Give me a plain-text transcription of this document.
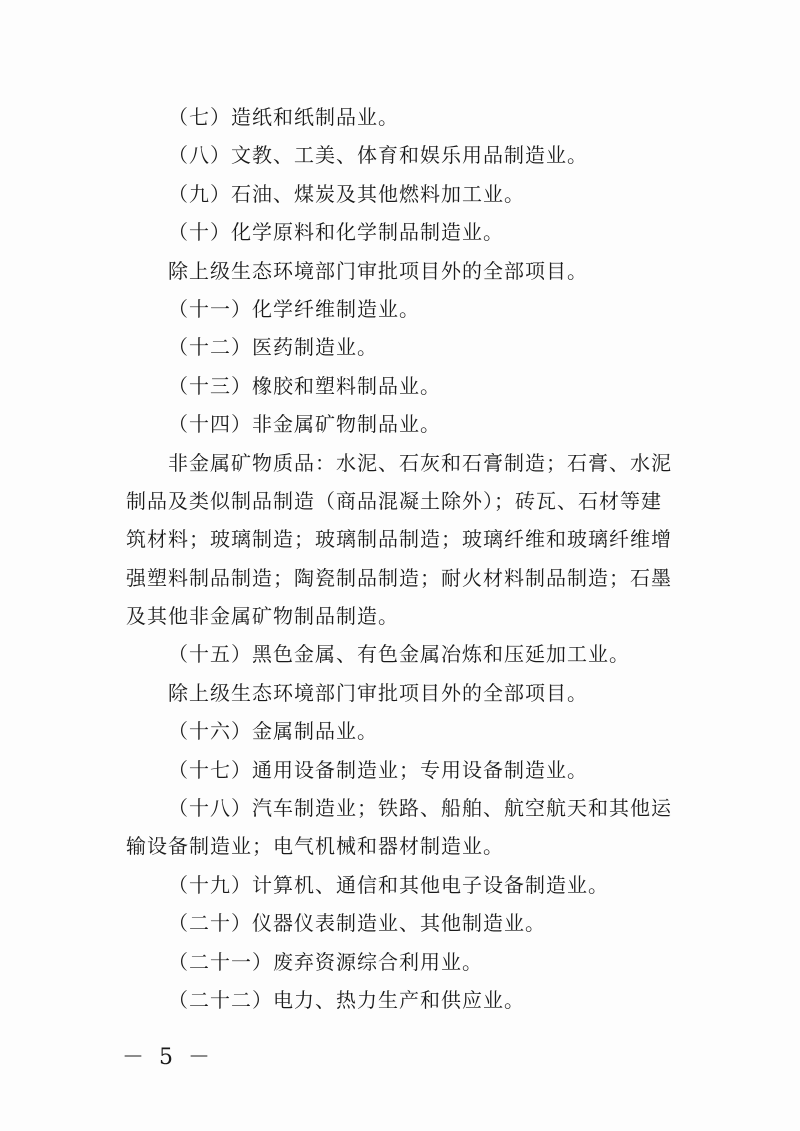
（七）造纸和纸制品业。
（八）文教、工美、体育和娱乐用品制造业。
（九）石油、煤炭及其他燃料加工业。
（十）化学原料和化学制品制造业。
除上级生态环境部门审批项目外的全部项目。
（十一）化学纤维制造业。
（十二）医药制造业。
（十三）橡胶和塑料制品业。
（十四）非金属矿物制品业。
非金属矿物质品：水泥、石灰和石膏制造；石膏、水泥
制品及类似制品制造（商品混凝土除外）；砖瓦、石材等建
筑材料；玻璃制造；玻璃制品制造；玻璃纤维和玻璃纤维增
强塑料制品制造；陶瓷制品制造；耐火材料制品制造；石墨
及其他非金属矿物制品制造。
（十五）黑色金属、有色金属冶炼和压延加工业。
除上级生态环境部门审批项目外的全部项目。
（十六）金属制品业。
（十七）通用设备制造业；专用设备制造业。
（十八）汽车制造业；铁路、船舶、航空航天和其他运
输设备制造业；电气机械和器材制造业。
（十九）计算机、通信和其他电子设备制造业。
（二十）仪器仪表制造业、其他制造业。
（二十一）废弃资源综合利用业。
（二十二）电力、热力生产和供应业。
－ 5 －
